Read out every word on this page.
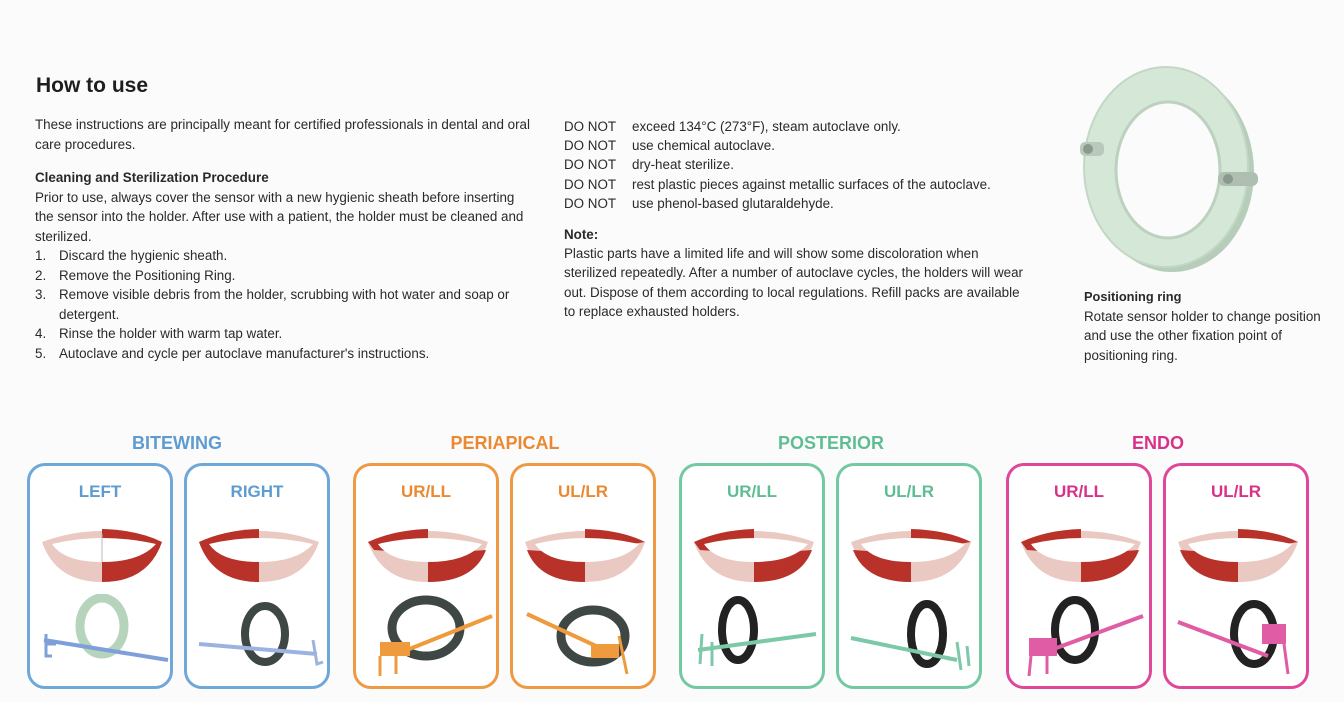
How to use

These instructions are principally meant for certified professionals in dental and oral care procedures.

Cleaning and Sterilization Procedure

Prior to use, always cover the sensor with a new hygienic sheath before inserting the sensor into the holder. After use with a patient, the holder must be cleaned and sterilized.

1. Discard the hygienic sheath.
2. Remove the Positioning Ring.
3. Remove visible debris from the holder, scrubbing with hot water and soap or detergent.
4. Rinse the holder with warm tap water.
5. Autoclave and cycle per autoclave manufacturer's instructions.
DO NOT	exceed 134°C (273°F), steam autoclave only.
DO NOT	use chemical autoclave.
DO NOT	dry-heat sterilize.
DO NOT	rest plastic pieces against metallic surfaces of the autoclave.
DO NOT	use phenol-based glutaraldehyde.

Note:

Plastic parts have a limited life and will show some discoloration when sterilized repeatedly. After a number of autoclave cycles, the holders will wear out. Dispose of them according to local regulations. Refill packs are available to replace exhausted holders.

Positioning ring

Rotate sensor holder to change position and use the other fixation point of positioning ring.

BITEWING	PERIAPICAL	POSTERIOR	ENDO
LEFT	RIGHT	UR/LL	UL/LR	UR/LL	UL/LR	UR/LL	UL/LR
